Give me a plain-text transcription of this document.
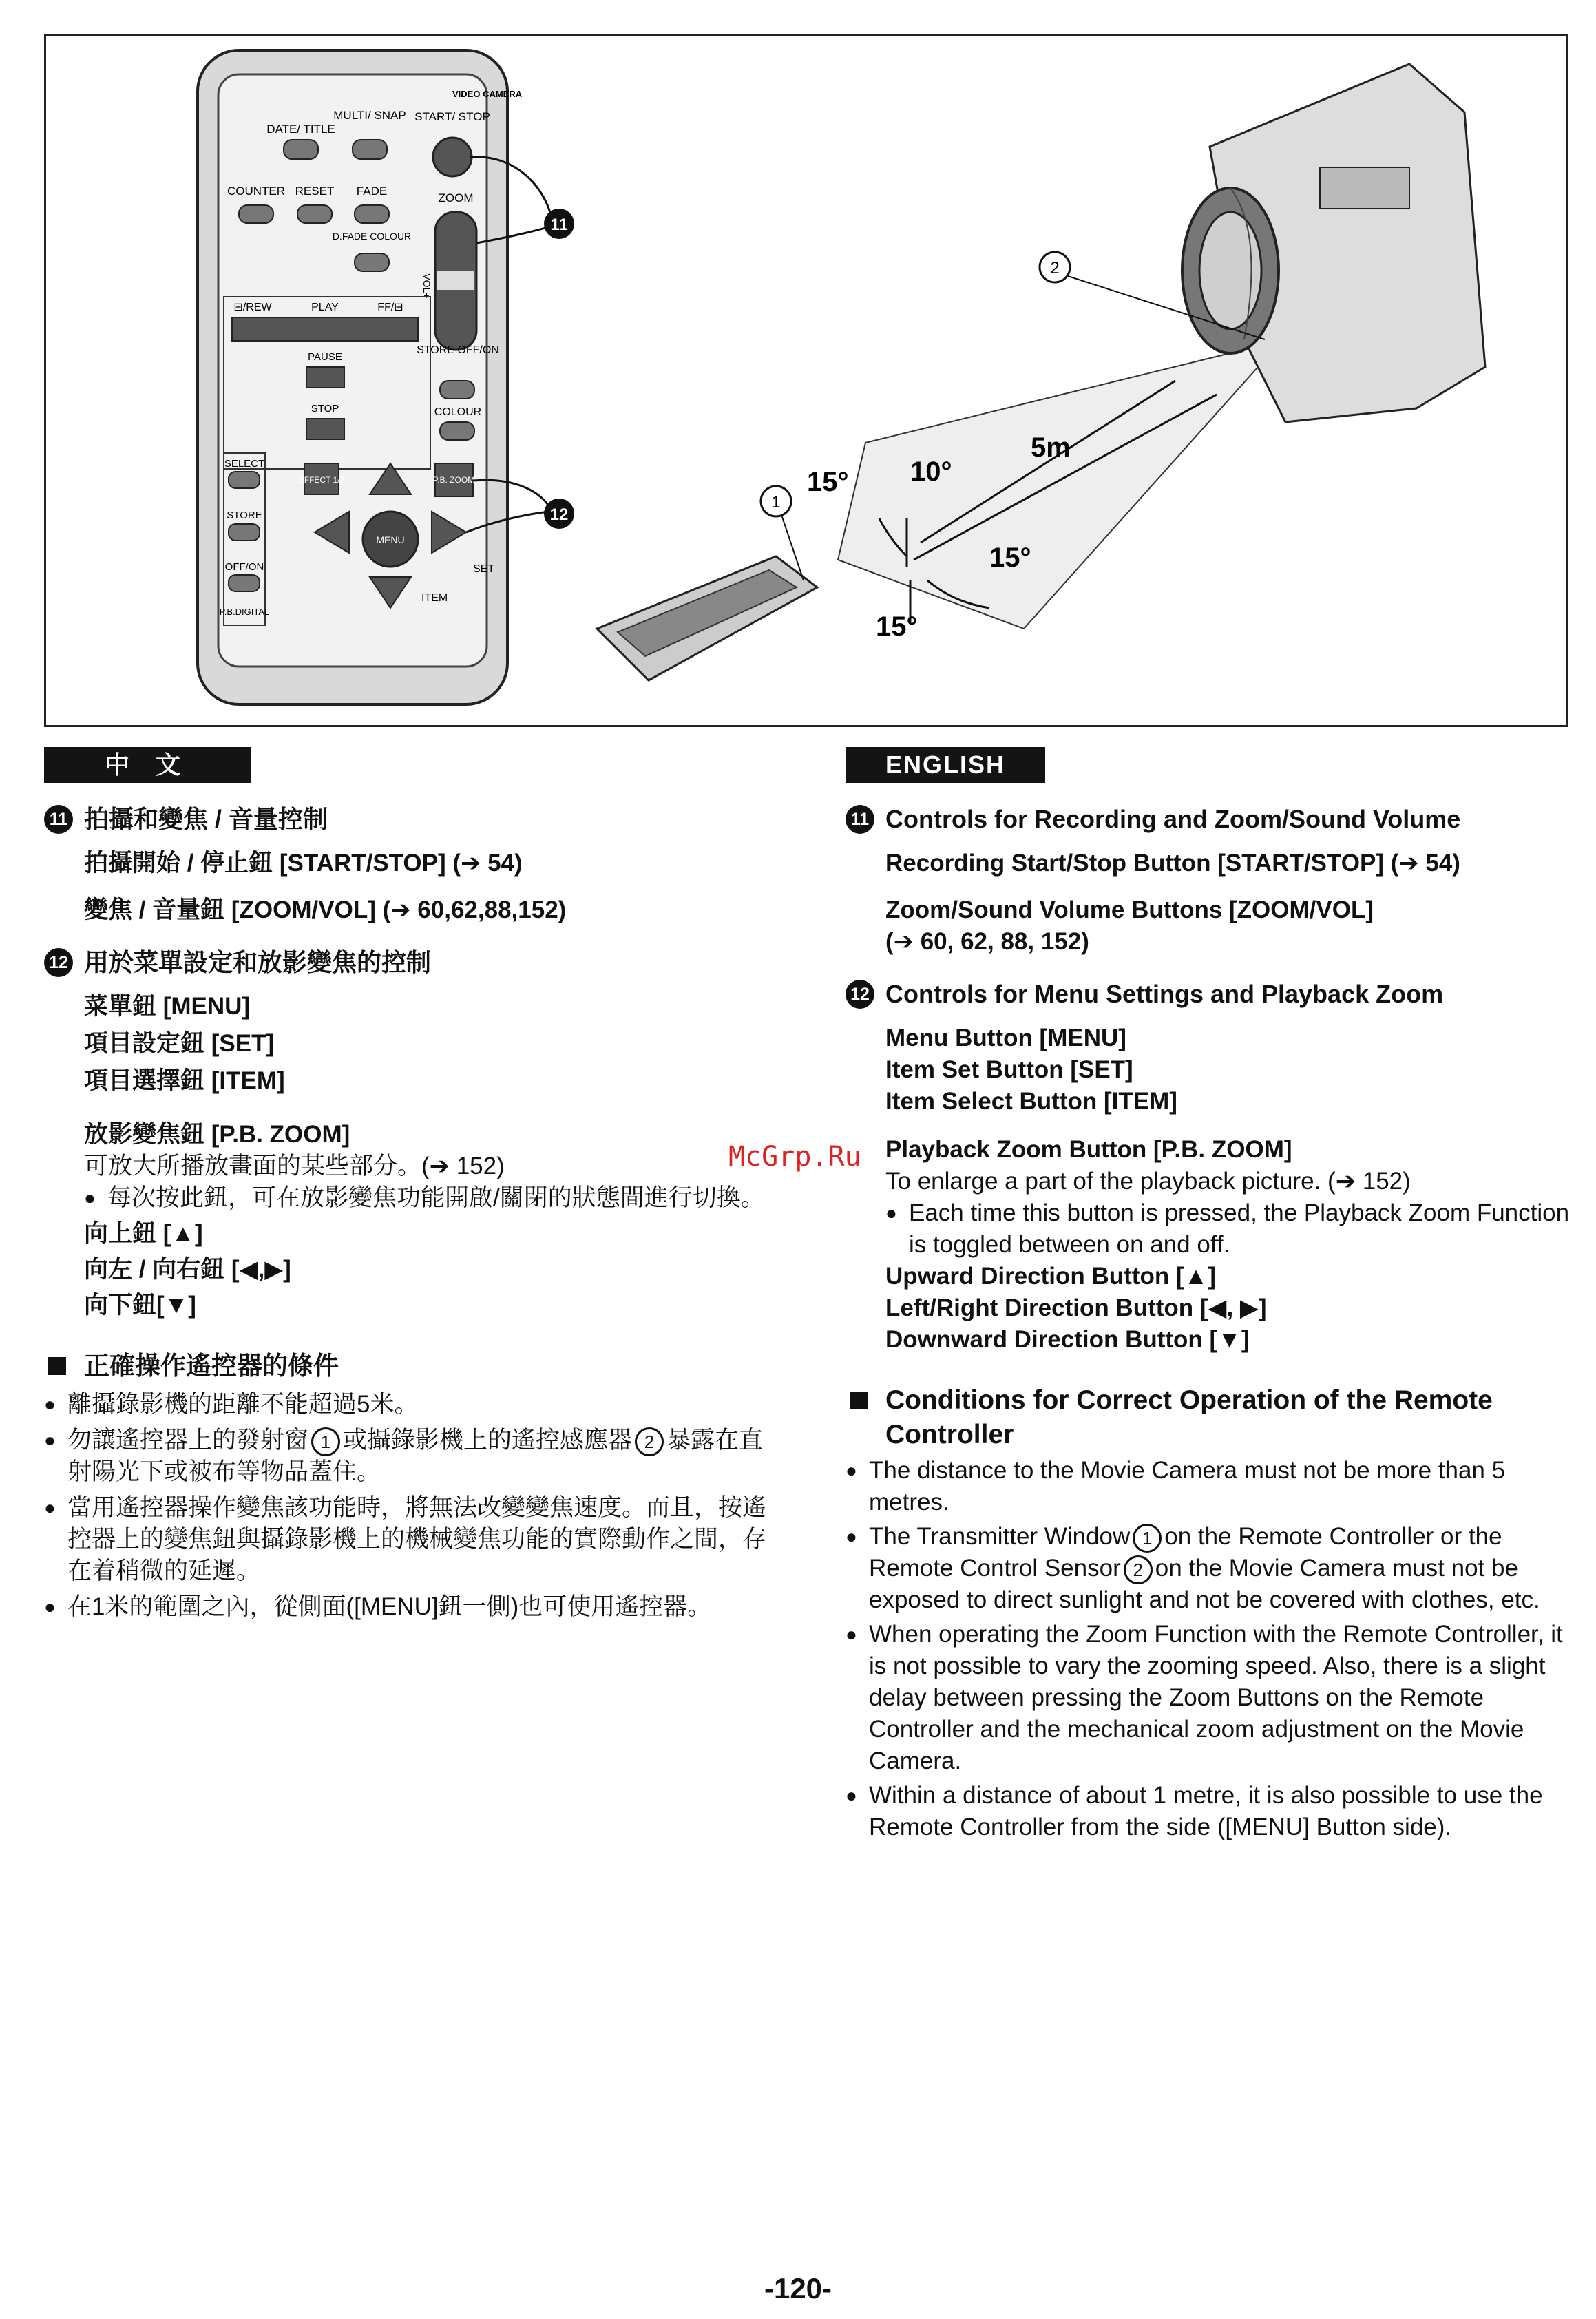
VIDEO CAMERA
DATE/ TITLE
MULTI/ SNAP START/ STOP
COUNTER RESET FADE
ZOOM
D.FADE COLOUR
-VOL+
⊟/REW	PLAY	FF/⊟
PAUSE
STOP
STORE OFF/ON
COLOUR
SELECT
STORE
OFF/ON
P.B.DIGITAL
EFFECT 1/2	P.B. ZOOM
MENU
SET
ITEM
11
12
1
15° 10°
5m
15°
15°
2
中 文
11 拍攝和變焦 / 音量控制
拍攝開始 / 停止鈕 [START/STOP] (➔ 54)
變焦 / 音量鈕 [ZOOM/VOL] (➔ 60,62,88,152)
12 用於菜單設定和放影變焦的控制
菜單鈕 [MENU]
項目設定鈕 [SET]
項目選擇鈕 [ITEM]
放影變焦鈕 [P.B. ZOOM]
可放大所播放畫面的某些部分。(➔ 152)
● 每次按此鈕，可在放影變焦功能開啟/關閉的狀態間進行切換。
向上鈕 [▲]
向左 / 向右鈕 [◀,▶]
向下鈕[▼]
正確操作遙控器的條件
● 離攝錄影機的距離不能超過5米。
● 勿讓遙控器上的發射窗 1 或攝錄影機上的遙控感應器 2 暴露在直射陽光下或被布等物品蓋住。
● 當用遙控器操作變焦該功能時，將無法改變變焦速度。而且，按遙控器上的變焦鈕與攝錄影機上的機械變焦功能的實際動作之間，存在着稍微的延遲。
● 在1米的範圍之內，從側面([MENU]鈕一側)也可使用遙控器。
ENGLISH
11 Controls for Recording and Zoom/Sound Volume
Recording Start/Stop Button [START/STOP] (➔ 54)
Zoom/Sound Volume Buttons [ZOOM/VOL]
(➔ 60, 62, 88, 152)
12 Controls for Menu Settings and Playback Zoom
Menu Button [MENU]
Item Set Button [SET]
Item Select Button [ITEM]
Playback Zoom Button [P.B. ZOOM]
To enlarge a part of the playback picture. (➔ 152)
● Each time this button is pressed, the Playback Zoom Function is toggled between on and off.
Upward Direction Button [▲]
Left/Right Direction Button [◀, ▶]
Downward Direction Button [▼]
Conditions for Correct Operation of the Remote Controller
● The distance to the Movie Camera must not be more than 5 metres.
● The Transmitter Window 1 on the Remote Controller or the Remote Control Sensor 2 on the Movie Camera must not be exposed to direct sunlight and not be covered with clothes, etc.
● When operating the Zoom Function with the Remote Controller, it is not possible to vary the zooming speed. Also, there is a slight delay between pressing the Zoom Buttons on the Remote Controller and the mechanical zoom adjustment on the Movie Camera.
● Within a distance of about 1 metre, it is also possible to use the Remote Controller from the side ([MENU] Button side).
McGrp.Ru
-120-
